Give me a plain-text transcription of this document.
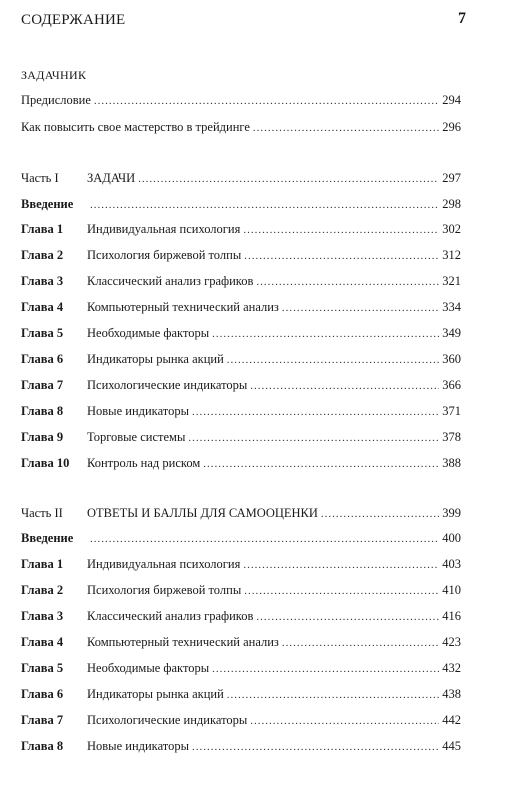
СОДЕРЖАНИЕ	7
ЗАДАЧНИК
Предисловие .....	294
Как повысить свое мастерство в трейдинге .....	296
Часть I	ЗАДАЧИ .....	297
Введение .....	298
Глава 1	Индивидуальная психология .....	302
Глава 2	Психология биржевой толпы .....	312
Глава 3	Классический анализ графиков .....	321
Глава 4	Компьютерный технический анализ .....	334
Глава 5	Необходимые факторы .....	349
Глава 6	Индикаторы рынка акций .....	360
Глава 7	Психологические индикаторы .....	366
Глава 8	Новые индикаторы .....	371
Глава 9	Торговые системы .....	378
Глава 10	Контроль над риском .....	388
Часть II	ОТВЕТЫ И БАЛЛЫ ДЛЯ САМООЦЕНКИ .....	399
Введение .....	400
Глава 1	Индивидуальная психология .....	403
Глава 2	Психология биржевой толпы .....	410
Глава 3	Классический анализ графиков .....	416
Глава 4	Компьютерный технический анализ .....	423
Глава 5	Необходимые факторы .....	432
Глава 6	Индикаторы рынка акций .....	438
Глава 7	Психологические индикаторы .....	442
Глава 8	Новые индикаторы .....	445
